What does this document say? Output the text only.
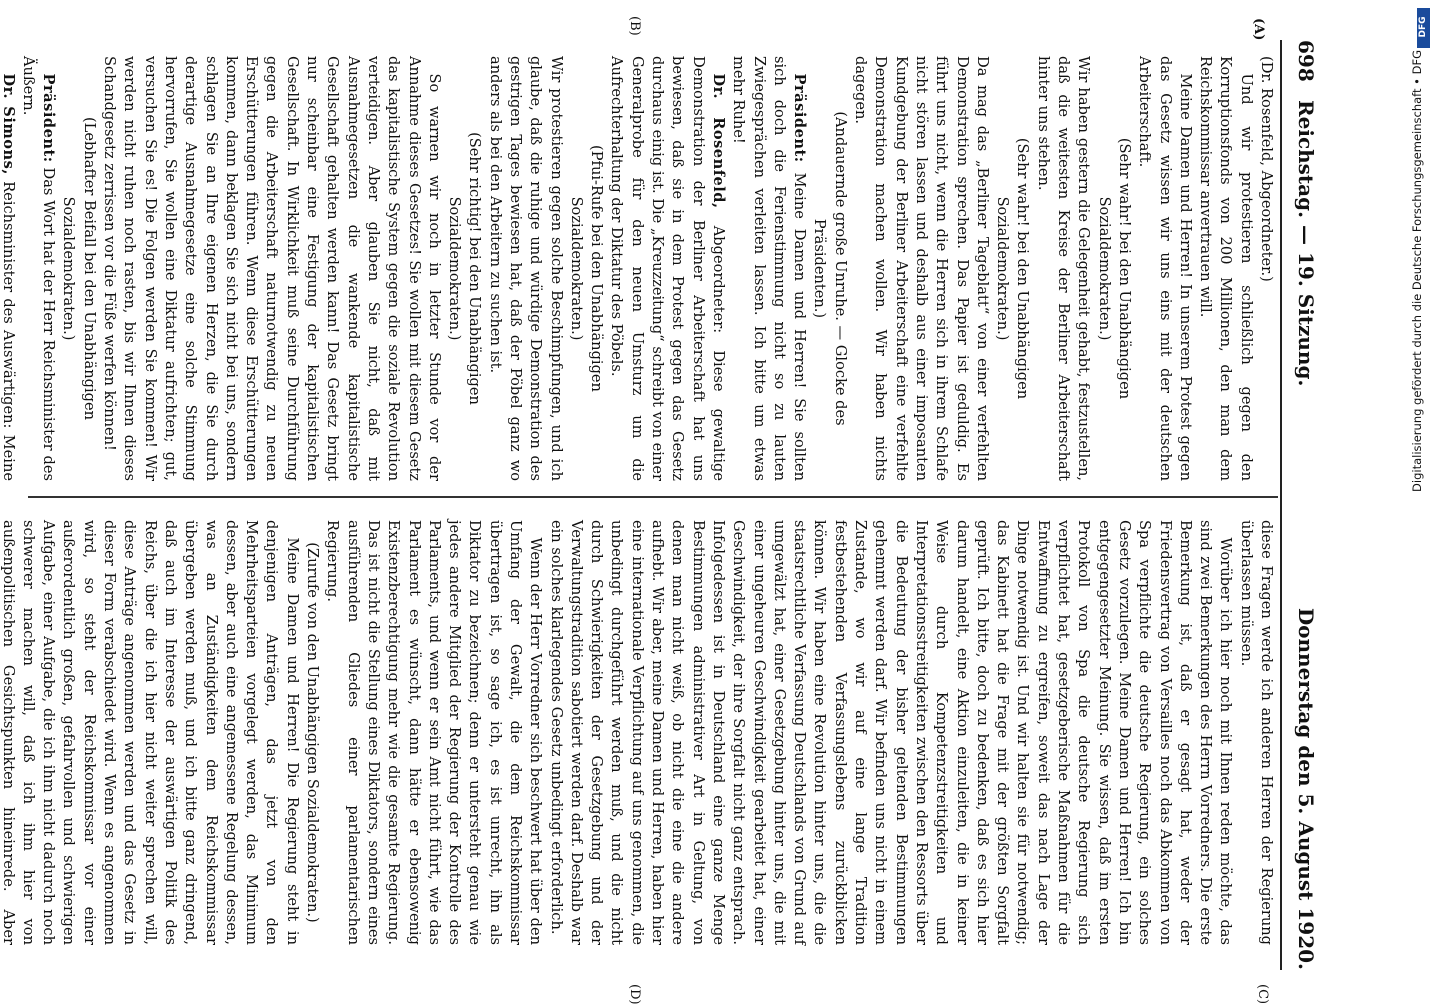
698
Reichstag. — 19. Sitzung.
Donnerstag den 5. August 1920.
(A)
(B)
(C)
(D)

(Dr. Rosenfeld, Abgeordneter.)

Und wir protestieren schließlich gegen den Korruptionsfonds von 200 Millionen, den man dem Reichskommissar anvertrauen will.

Meine Damen und Herren! In unserem Protest gegen das Gesetz wissen wir uns eins mit der deutschen Arbeiterschaft.

(Sehr wahr! bei den Unabhängigen Sozialdemokraten.)

Wir haben gestern die Gelegenheit gehabt, festzustellen, daß die weitesten Kreise der Berliner Arbeiterschaft hinter uns stehen.

(Sehr wahr! bei den Unabhängigen Sozialdemokraten.)

Da mag das „Berliner Tageblatt“ von einer verfehlten Demonstration sprechen. Das Papier ist geduldig. Es führt uns nicht, wenn die Herren sich in ihrem Schlafe nicht stören lassen und deshalb aus einer imposanten Kundgebung der Berliner Arbeiterschaft eine verfehlte Demonstration machen wollen. Wir haben nichts dagegen.

(Andauernde große Unruhe. — Glocke des Präsidenten.)

Präsident: Meine Damen und Herren! Sie sollten sich doch die Ferienstimmung nicht so zu lauten Zwiegesprächen verleiten lassen. Ich bitte um etwas mehr Ruhe!

Dr. Rosenfeld, Abgeordneter: Diese gewaltige Demonstration der Berliner Arbeiterschaft hat uns bewiesen, daß sie in dem Protest gegen das Gesetz durchaus einig ist. Die „Kreuzzeitung“ schreibt von einer Generalprobe für den neuen Umsturz um die Aufrechterhaltung der Diktatur des Pöbels.

(Pfui-Rufe bei den Unabhängigen Sozialdemokraten.)

Wir protestieren gegen solche Beschimpfungen, und ich glaube, daß die ruhige und würdige Demonstration des gestrigen Tages bewiesen hat, daß der Pöbel ganz wo anders als bei den Arbeitern zu suchen ist.

(Sehr richtig! bei den Unabhängigen Sozialdemokraten.)

So warnen wir noch in letzter Stunde vor der Annahme dieses Gesetzes! Sie wollen mit diesem Gesetz das kapitalistische System gegen die soziale Revolution verteidigen. Aber glauben Sie nicht, daß mit Ausnahmegesetzen die wankende kapitalistische Gesellschaft gehalten werden kann! Das Gesetz bringt nur scheinbar eine Festigung der kapitalistischen Gesellschaft. In Wirklichkeit muß seine Durchführung gegen die Arbeiterschaft naturnotwendig zu neuen Erschütterungen führen. Wenn diese Erschütterungen kommen, dann beklagen Sie sich nicht bei uns, sondern schlagen Sie an Ihre eigenen Herzen, die Sie durch derartige Ausnahmegesetze eine solche Stimmung hervorrufen, Sie wollen eine Diktatur aufrichten; gut, versuchen Sie es! Die Folgen werden Sie kommen! Wir werden nicht ruhen noch rasten, bis wir Ihnen dieses Schandgesetz zerrissen vor die Füße werfen können!

(Lebhafter Beifall bei den Unabhängigen Sozialdemokraten.)

Präsident: Das Wort hat der Herr Reichsminister des Äußern.

Dr. Simons, Reichsminister des Auswärtigen: Meine

diese Fragen werde ich anderen Herren der Regierung überlassen müssen.

Worüber ich hier noch mit Ihnen reden möchte, das sind zwei Bemerkungen des Herrn Vorredners. Die erste Bemerkung ist, daß er gesagt hat, weder der Friedensvertrag von Versailles noch das Abkommen von Spa verpflichte die deutsche Regierung, ein solches Gesetz vorzulegen. Meine Damen und Herren! Ich bin entgegengesetzter Meinung. Sie wissen, daß im ersten Protokoll von Spa die deutsche Regierung sich verpflichtet hat, gesetzgeberische Maßnahmen für die Entwaffnung zu ergreifen, soweit das nach Lage der Dinge notwendig ist. Und wir halten sie für notwendig; das Kabinett hat die Frage mit der größten Sorgfalt geprüft. Ich bitte, doch zu bedenken, daß es sich hier darum handelt, eine Aktion einzuleiten, die in keiner Weise durch Kompetenzstreitigkeiten und Interpretationsstreitigkeiten zwischen den Ressorts über die Bedeutung der bisher geltenden Bestimmungen gehemmt werden darf. Wir befinden uns nicht in einem Zustande, wo wir auf eine lange Tradition festbestehenden Verfassungslebens zurückblicken können. Wir haben eine Revolution hinter uns, die die staatsrechtliche Verfassung Deutschlands von Grund auf umgewälzt hat, einer Gesetzgebung hinter uns, die mit einer ungeheuren Geschwindigkeit gearbeitet hat, einer Geschwindigkeit, der ihre Sorgfalt nicht ganz entsprach. Infolgedessen ist in Deutschland eine ganze Menge Bestimmungen administrativer Art in Geltung, von denen man nicht weiß, ob nicht die eine die andere aufhebt. Wir aber, meine Damen und Herren, haben hier eine internationale Verpflichtung auf uns genommen, die unbedingt durchgeführt werden muß, und die nicht durch Schwierigkeiten der Gesetzgebung und der Verwaltungstradition sabotiert werden darf. Deshalb war ein solches klarlegendes Gesetz unbedingt erforderlich.

Wenn der Herr Vorredner sich beschwert hat über den Umfang der Gewalt, die dem Reichskommissar übertragen ist, so sage ich, es ist unrecht, ihn als Diktator zu bezeichnen; denn er untersteht genau wie jedes andere Mitglied der Regierung der Kontrolle des Parlaments, und wenn er sein Amt nicht führt, wie das Parlament es wünscht, dann hätte er ebensowenig Existenzberechtigung mehr wie die gesamte Regierung. Das ist nicht die Stellung eines Diktators, sondern eines ausführenden Gliedes einer parlamentarischen Regierung.

(Zurufe von den Unabhängigen Sozialdemokraten.)

Meine Damen und Herren! Die Regierung steht in denjenigen Anträgen, das jetzt von den Mehrheitsparteien vorgelegt werden, das Minimum dessen, aber auch eine angemessene Regelung dessen, was an Zuständigkeiten dem Reichskommissar übergeben werden muß, und ich bitte ganz dringend, daß auch im Interesse der auswärtigen Politik des Reichs, über die ich hier nicht weiter sprechen will, diese Anträge angenommen werden und das Gesetz in dieser Form verabschiedet wird. Wenn es angenommen wird, so steht der Reichskommissar vor einer außerordentlich großen, gefahrvollen und schwierigen Aufgabe, einer Aufgabe, die ich ihm nicht dadurch noch schwerer machen will, daß ich ihm hier von außenpolitischen Gesichtspunkten hineinrede. Aber

Digitalisierung gefördert durch die Deutsche Forschungsgemeinschaft • DFG
DFG
